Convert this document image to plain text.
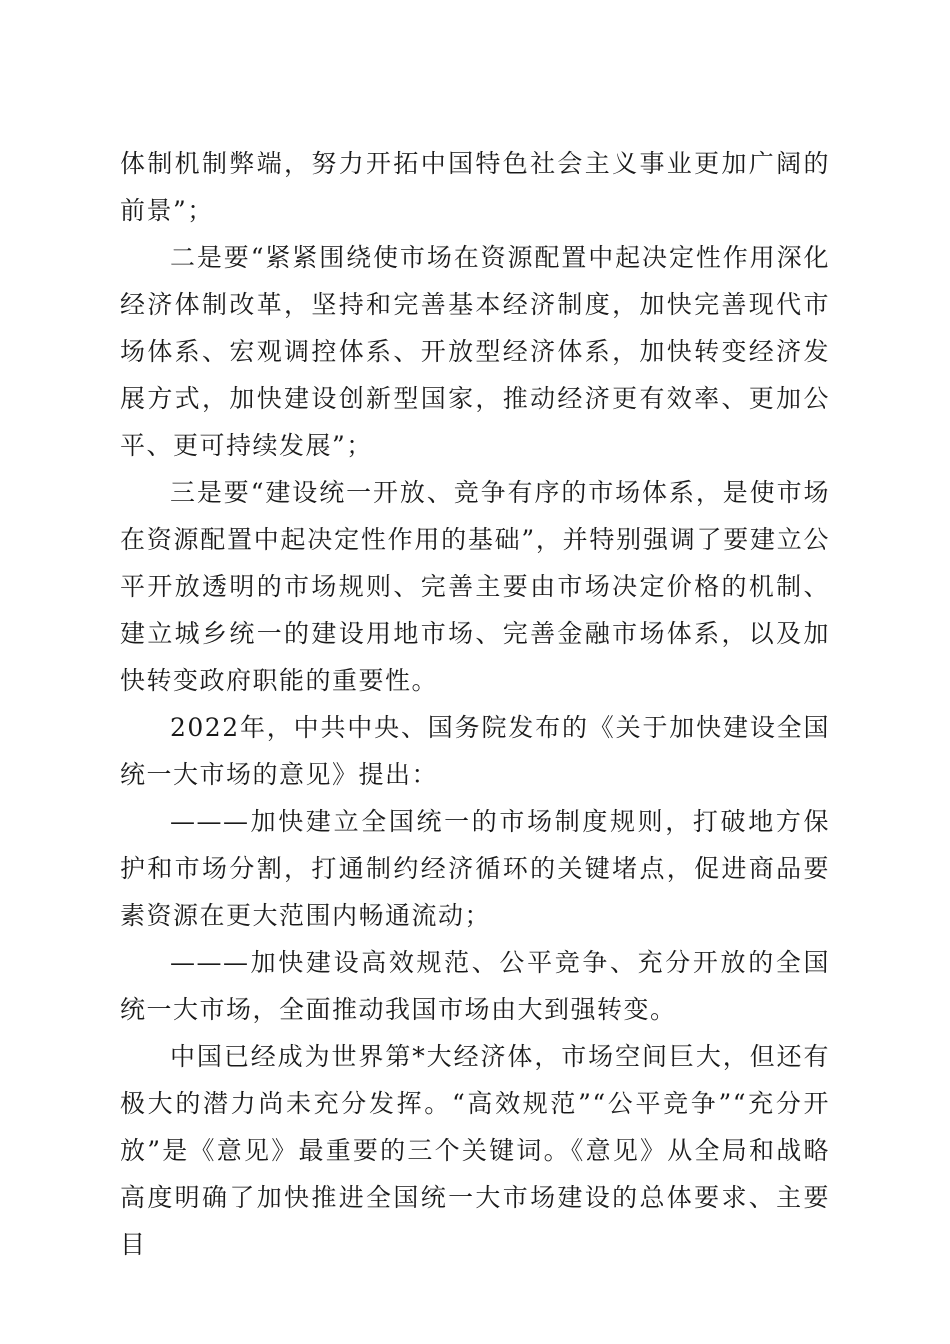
体制机制弊端，努力开拓中国特色社会主义事业更加广阔的前景”；

二是要“紧紧围绕使市场在资源配置中起决定性作用深化经济体制改革，坚持和完善基本经济制度，加快完善现代市场体系、宏观调控体系、开放型经济体系，加快转变经济发展方式，加快建设创新型国家，推动经济更有效率、更加公平、更可持续发展”；

三是要“建设统一开放、竞争有序的市场体系，是使市场在资源配置中起决定性作用的基础”，并特别强调了要建立公平开放透明的市场规则、完善主要由市场决定价格的机制、建立城乡统一的建设用地市场、完善金融市场体系，以及加快转变政府职能的重要性。

2022年，中共中央、国务院发布的《关于加快建设全国统一大市场的意见》提出：

———加快建立全国统一的市场制度规则，打破地方保护和市场分割，打通制约经济循环的关键堵点，促进商品要素资源在更大范围内畅通流动；

———加快建设高效规范、公平竞争、充分开放的全国统一大市场，全面推动我国市场由大到强转变。

中国已经成为世界第*大经济体，市场空间巨大，但还有极大的潜力尚未充分发挥。“高效规范”“公平竞争”“充分开放”是《意见》最重要的三个关键词。《意见》从全局和战略高度明确了加快推进全国统一大市场建设的总体要求、主要目
